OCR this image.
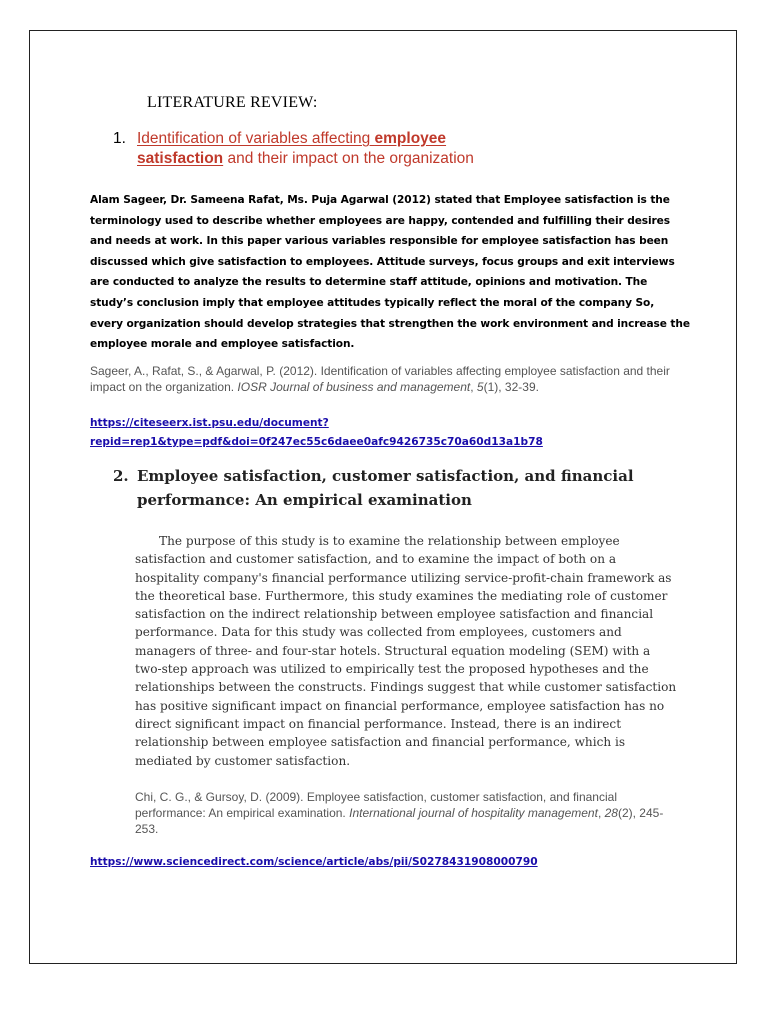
LITERATURE REVIEW:
1. Identification of variables affecting employee
satisfaction and their impact on the organization
Alam Sageer, Dr. Sameena Rafat, Ms. Puja Agarwal (2012) stated that Employee satisfaction is the terminology used to describe whether employees are happy, contended and fulfilling their desires and needs at work. In this paper various variables responsible for employee satisfaction has been discussed which give satisfaction to employees. Attitude surveys, focus groups and exit interviews are conducted to analyze the results to determine staff attitude, opinions and motivation. The study’s conclusion imply that employee attitudes typically reflect the moral of the company So, every organization should develop strategies that strengthen the work environment and increase the employee morale and employee satisfaction.
Sageer, A., Rafat, S., & Agarwal, P. (2012). Identification of variables affecting employee satisfaction and their impact on the organization. IOSR Journal of business and management, 5(1), 32-39.
https://citeseerx.ist.psu.edu/document?
repid=rep1&type=pdf&doi=0f247ec55c6daee0afc9426735c70a60d13a1b78
2. Employee satisfaction, customer satisfaction, and financial performance: An empirical examination
The purpose of this study is to examine the relationship between employee satisfaction and customer satisfaction, and to examine the impact of both on a hospitality company's financial performance utilizing service-profit-chain framework as the theoretical base. Furthermore, this study examines the mediating role of customer satisfaction on the indirect relationship between employee satisfaction and financial performance. Data for this study was collected from employees, customers and managers of three- and four-star hotels. Structural equation modeling (SEM) with a two-step approach was utilized to empirically test the proposed hypotheses and the relationships between the constructs. Findings suggest that while customer satisfaction has positive significant impact on financial performance, employee satisfaction has no direct significant impact on financial performance. Instead, there is an indirect relationship between employee satisfaction and financial performance, which is mediated by customer satisfaction.
Chi, C. G., & Gursoy, D. (2009). Employee satisfaction, customer satisfaction, and financial performance: An empirical examination. International journal of hospitality management, 28(2), 245-253.
https://www.sciencedirect.com/science/article/abs/pii/S0278431908000790
